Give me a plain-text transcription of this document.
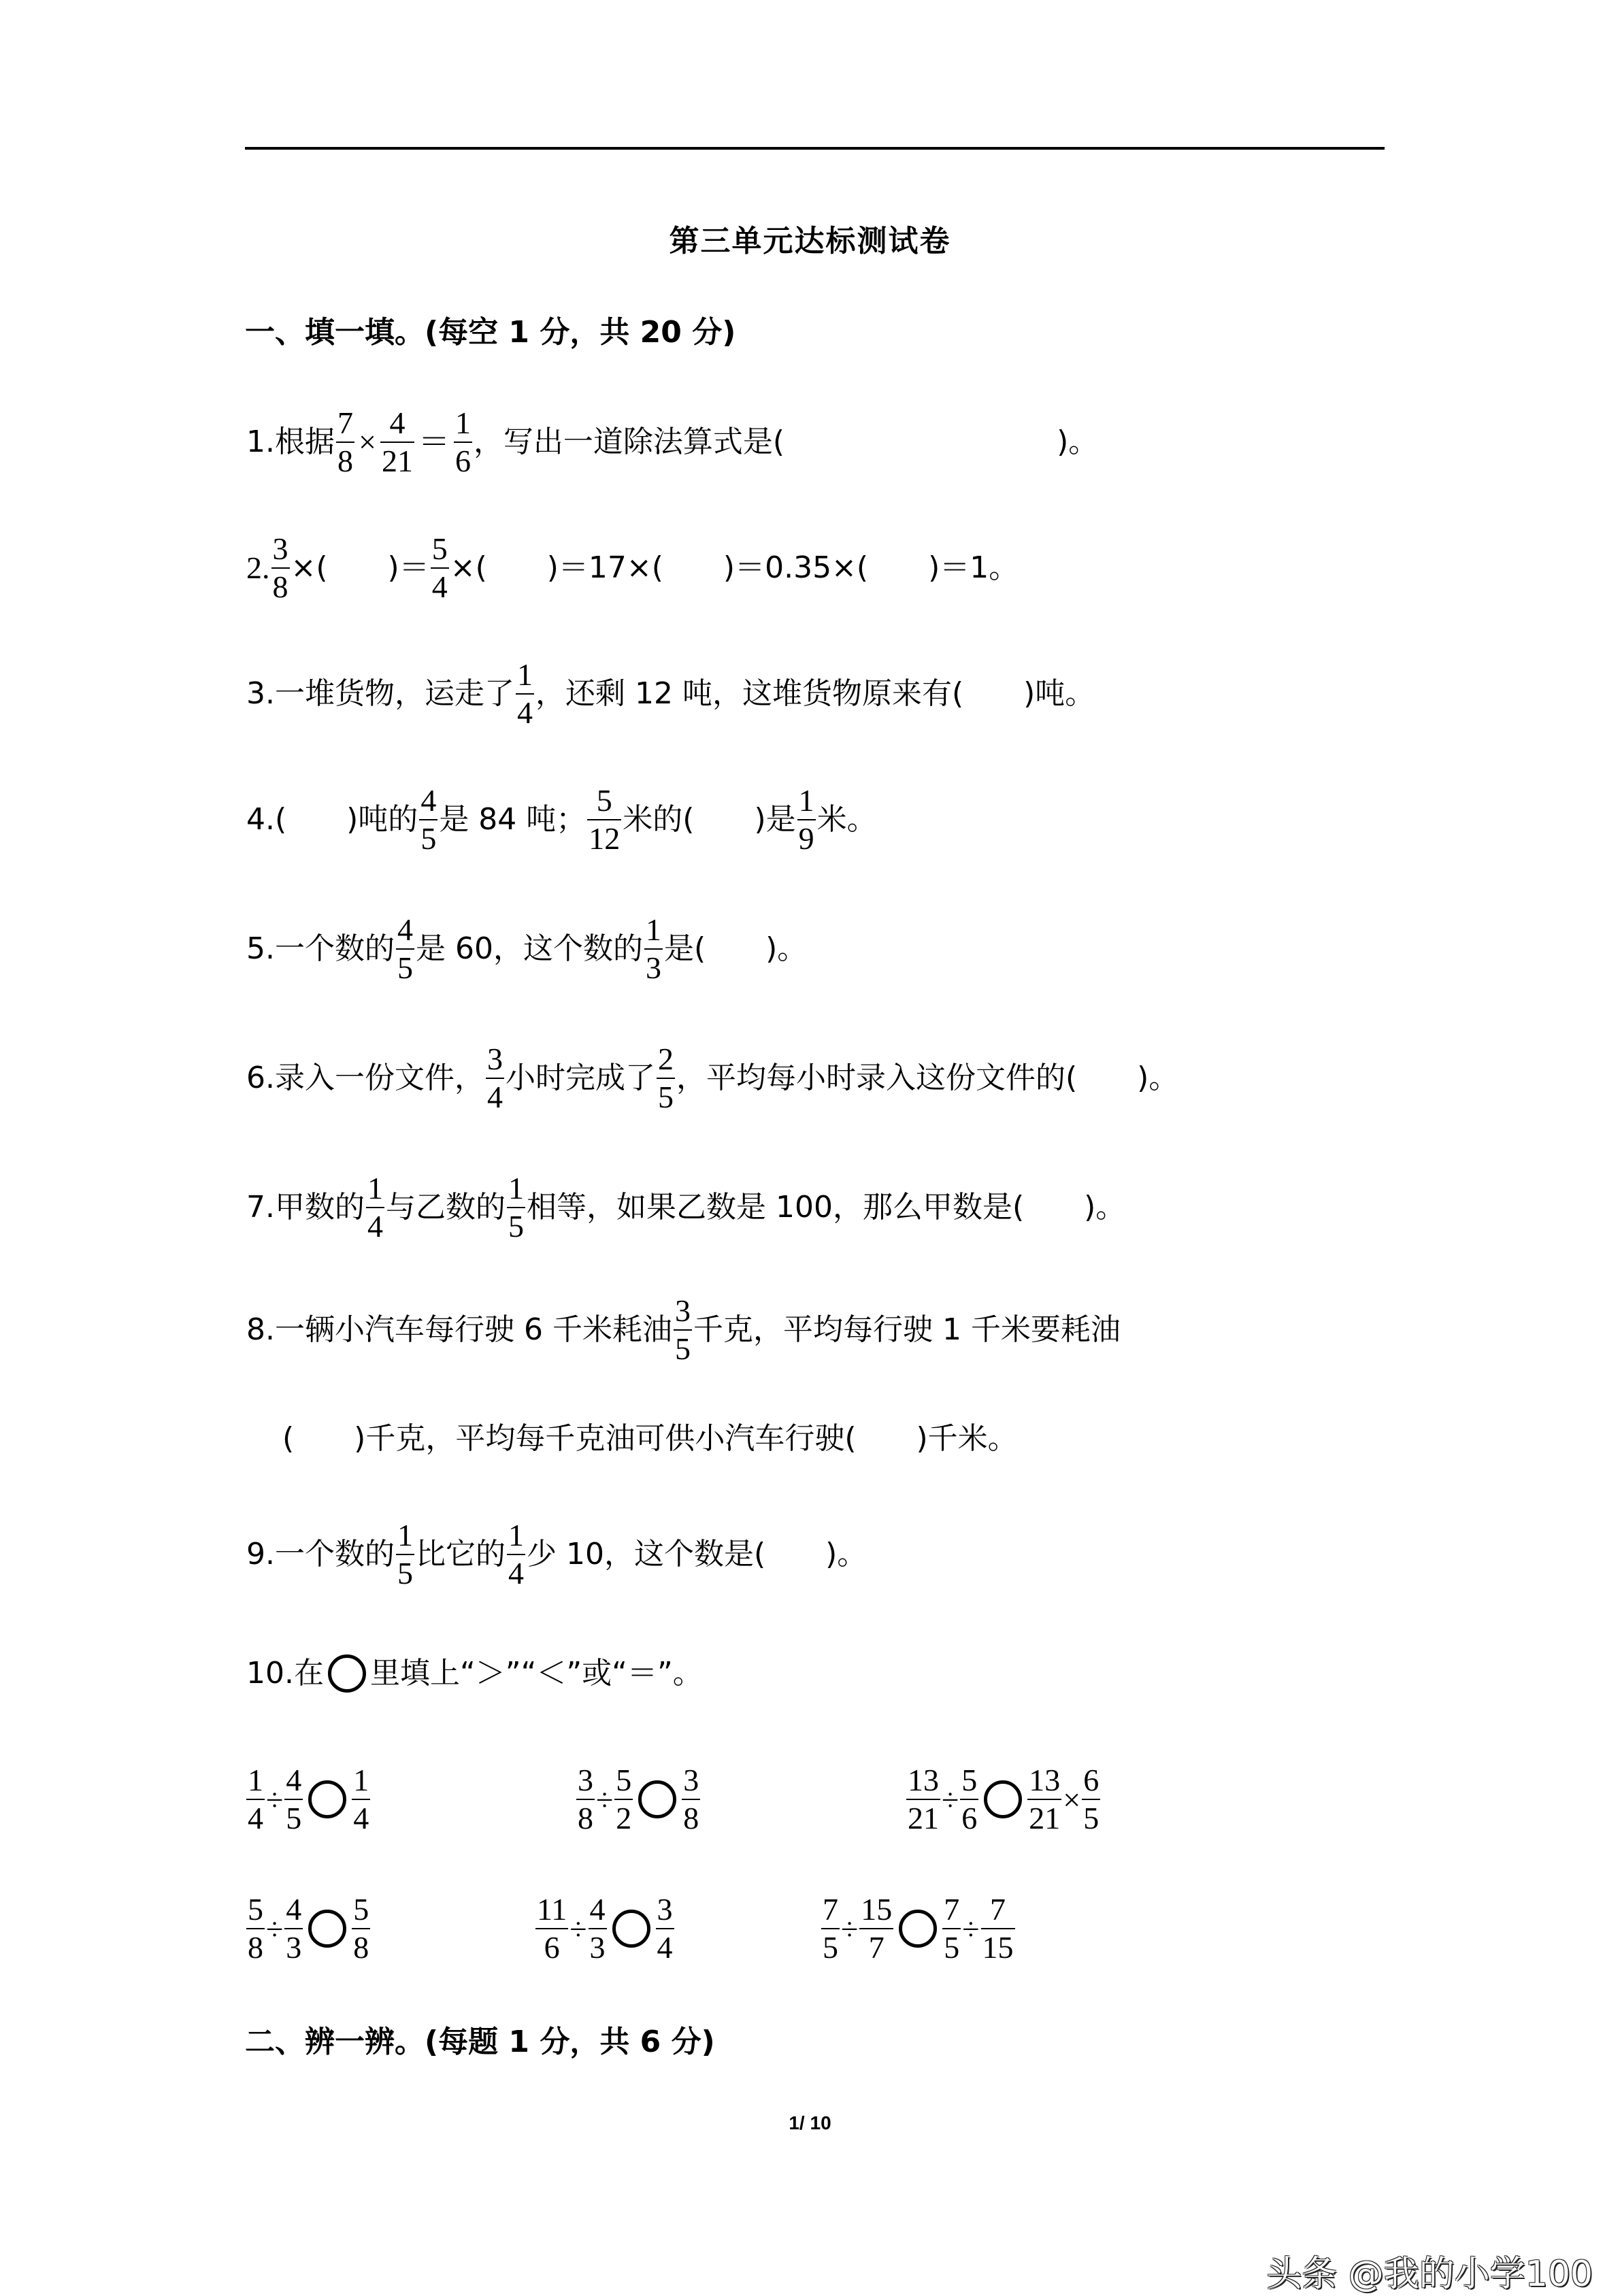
第三单元达标测试卷
一、填一填。(每空 1 分，共 20 分)
1.根据 $\frac{7}{8} \times \frac{4}{21} = \frac{1}{6}$ ，写出一道除法算式是(	)。
2. $\frac{3}{8}$ ×(　　)＝ $\frac{5}{4}$ ×(　　)＝17×(　　)＝0.35×(　　)＝1。
3.一堆货物，运走了 $\frac{1}{4}$ ，还剩 12 吨，这堆货物原来有(　　)吨。
4.(　　)吨的 $\frac{4}{5}$ 是 84 吨； $\frac{5}{12}$ 米的(　　)是 $\frac{1}{9}$ 米。
5.一个数的 $\frac{4}{5}$ 是 60，这个数的 $\frac{1}{3}$ 是(　　)。
6.录入一份文件， $\frac{3}{4}$ 小时完成了 $\frac{2}{5}$ ，平均每小时录入这份文件的(　　)。
7.甲数的 $\frac{1}{4}$ 与乙数的 $\frac{1}{5}$ 相等，如果乙数是 100，那么甲数是(　　)。
8.一辆小汽车每行驶 6 千米耗油 $\frac{3}{5}$ 千克，平均每行驶 1 千米要耗油
(　　)千克，平均每千克油可供小汽车行驶(　　)千米。
9.一个数的 $\frac{1}{5}$ 比它的 $\frac{1}{4}$ 少 10，这个数是(　　)。
10.在 里填上“＞”“＜”或“＝”。
$\frac{1}{4} \div \frac{4}{5} \frac{1}{4}$	$\frac{3}{8} \div \frac{5}{2} \frac{3}{8}$	$\frac{13}{21} \div \frac{5}{6} \frac{13}{21} \times \frac{6}{5}$
$\frac{5}{8} \div \frac{4}{3} \frac{5}{8}$	$\frac{11}{6} \div \frac{4}{3} \frac{3}{4}$	$\frac{7}{5} \div \frac{15}{7} \frac{7}{5} \div \frac{7}{15}$
二、辨一辨。(每题 1 分，共 6 分)
1/ 10
头条 @我的小学100
